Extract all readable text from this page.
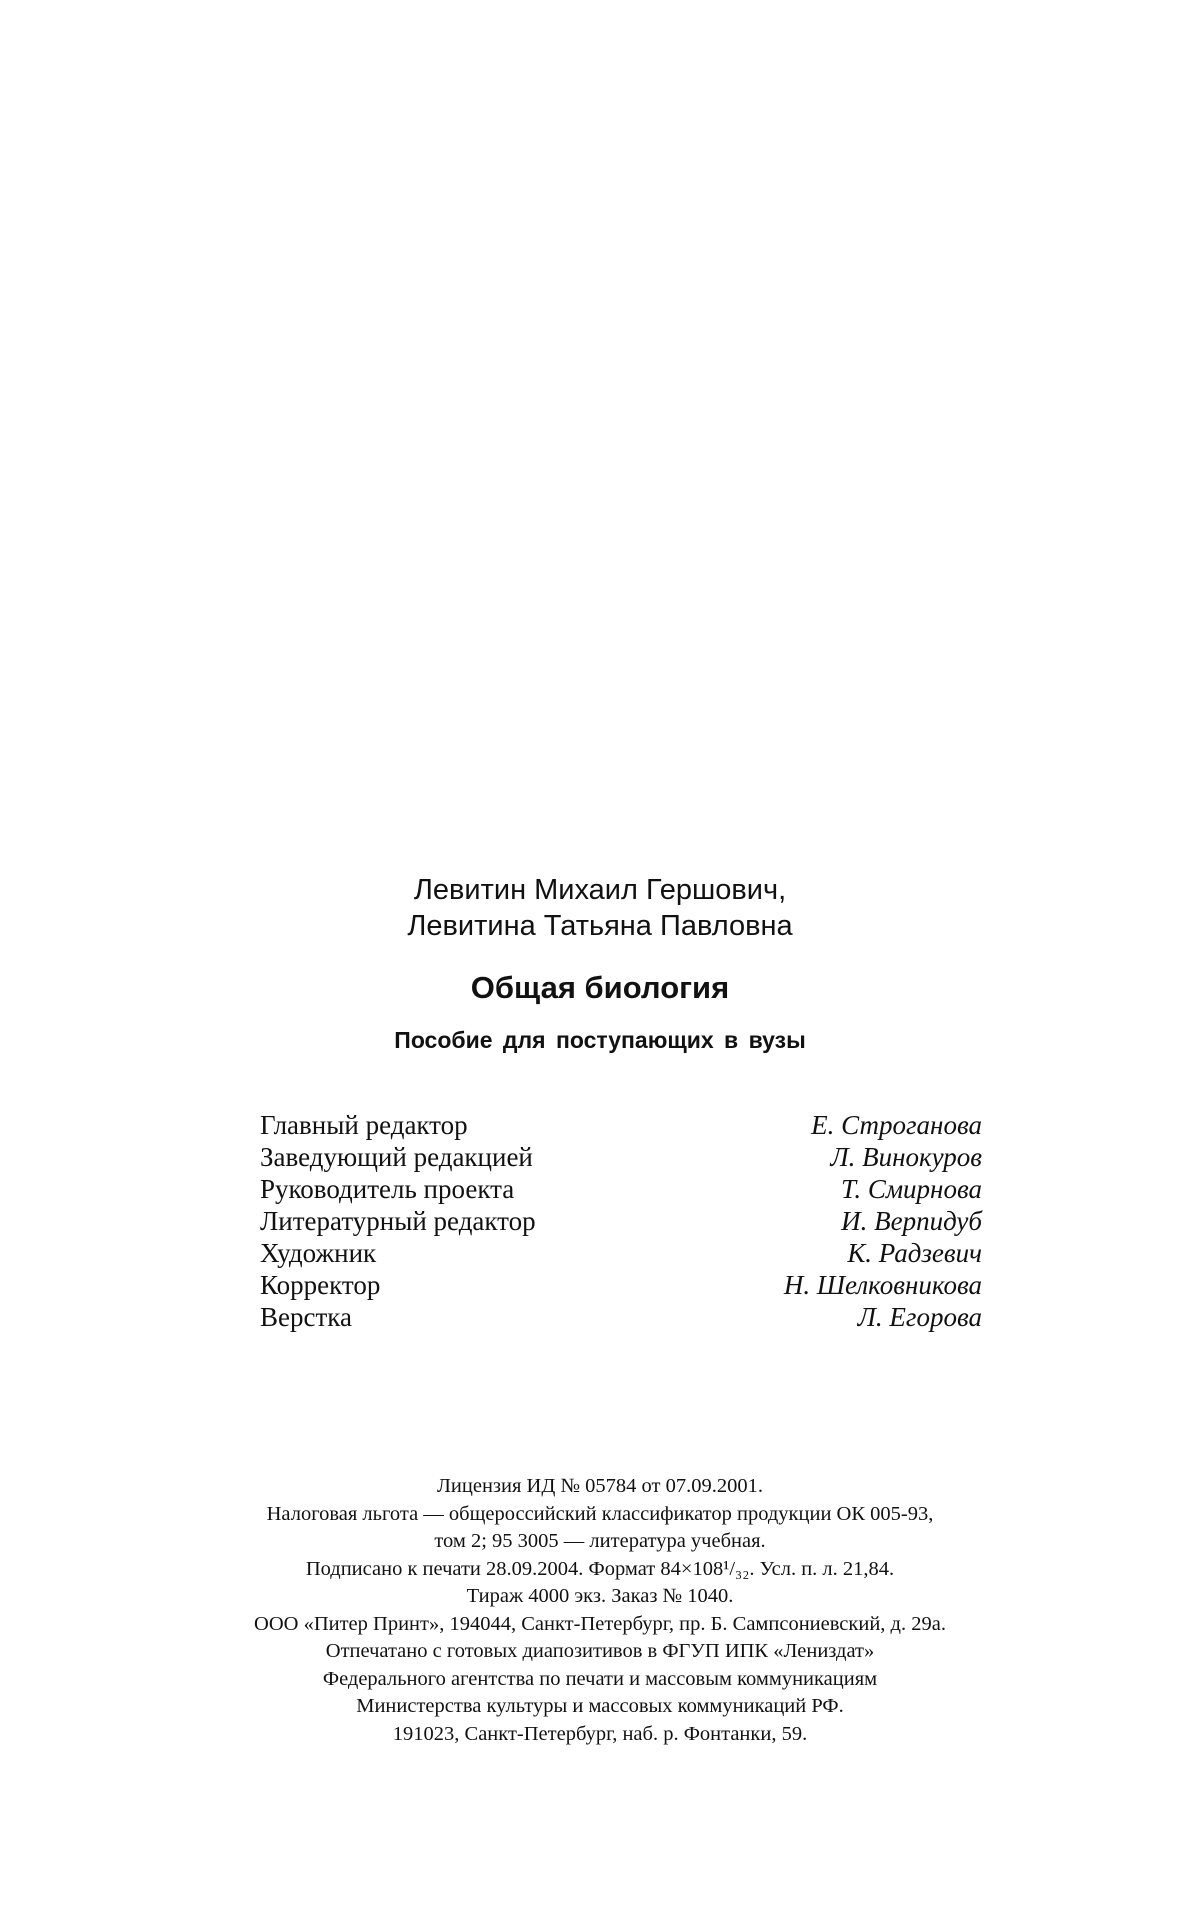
Левитин Михаил Гершович,
Левитина Татьяна Павловна
Общая биология
Пособие для поступающих в вузы
Главный редактор	Е. Строганова
Заведующий редакцией	Л. Винокуров
Руководитель проекта	Т. Смирнова
Литературный редактор	И. Верпидуб
Художник	К. Радзевич
Корректор	Н. Шелковникова
Верстка	Л. Егорова
Лицензия ИД № 05784 от 07.09.2001.
Налоговая льгота — общероссийский классификатор продукции ОК 005-93,
том 2; 95 3005 — литература учебная.
Подписано к печати 28.09.2004. Формат 84×108¹/₃₂. Усл. п. л. 21,84.
Тираж 4000 экз. Заказ № 1040.
ООО «Питер Принт», 194044, Санкт-Петербург, пр. Б. Сампсониевский, д. 29а.
Отпечатано с готовых диапозитивов в ФГУП ИПК «Лениздат»
Федерального агентства по печати и массовым коммуникациям
Министерства культуры и массовых коммуникаций РФ.
191023, Санкт-Петербург, наб. р. Фонтанки, 59.
